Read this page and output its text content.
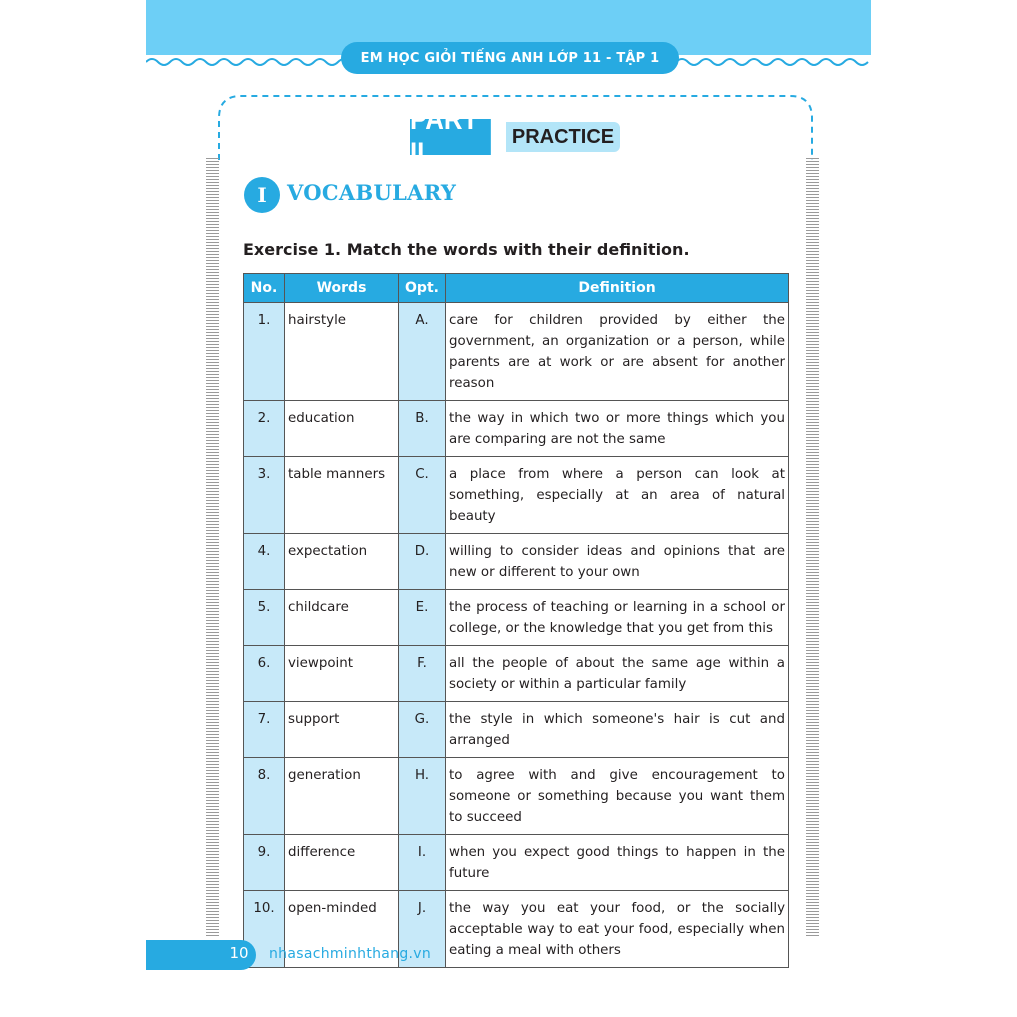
EM HỌC GIỎI TIẾNG ANH LỚP 11 - TẬP 1
PART II
PRACTICE
I VOCABULARY
Exercise 1. Match the words with their definition.
No.	Words	Opt.	Definition
1.	hairstyle	A.	care for children provided by either the government, an organization or a person, while parents are at work or are absent for another reason
2.	education	B.	the way in which two or more things which you are comparing are not the same
3.	table manners	C.	a place from where a person can look at something, especially at an area of natural beauty
4.	expectation	D.	willing to consider ideas and opinions that are new or different to your own
5.	childcare	E.	the process of teaching or learning in a school or college, or the knowledge that you get from this
6.	viewpoint	F.	all the people of about the same age within a society or within a particular family
7.	support	G.	the style in which someone's hair is cut and arranged
8.	generation	H.	to agree with and give encouragement to someone or something because you want them to succeed
9.	difference	I.	when you expect good things to happen in the future
10.	open-minded	J.	the way you eat your food, or the socially acceptable way to eat your food, especially when eating a meal with others
10 nhasachminhthang.vn
